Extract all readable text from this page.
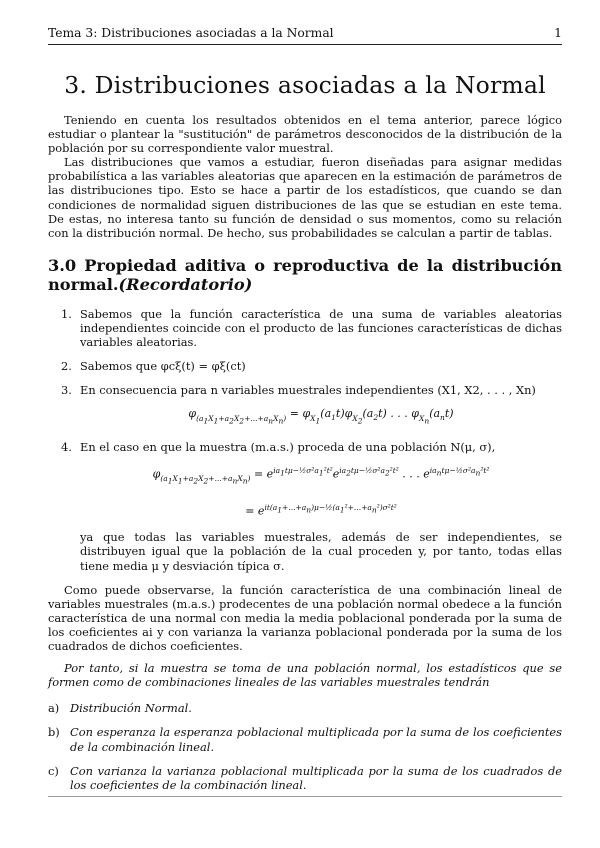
Tema 3: Distribuciones asociadas a la Normal	1
3. Distribuciones asociadas a la Normal

Teniendo en cuenta los resultados obtenidos en el tema anterior, parece lógico estudiar o plantear la "sustitución" de parámetros desconocidos de la distribución de la población por su correspondiente valor muestral.

Las distribuciones que vamos a estudiar, fueron diseñadas para asignar medidas probabilística a las variables aleatorias que aparecen en la estimación de parámetros de las distribuciones tipo. Esto se hace a partir de los estadísticos, que cuando se dan condiciones de normalidad siguen distribuciones de las que se estudian en este tema. De estas, no interesa tanto su función de densidad o sus momentos, como su relación con la distribución normal. De hecho, sus probabilidades se calculan a partir de tablas.

3.0 Propiedad aditiva o reproductiva de la distribución normal.(Recordatorio)
1. Sabemos que la función característica de una suma de variables aleatorias independientes coincide con el producto de las funciones características de dichas variables aleatorias.
2. Sabemos que φcξ(t) = φξ(ct)
3. En consecuencia para n variables muestrales independientes (X1, X2, . . . , Xn)
$\varphi_{(a_1X_1+a_2X_2+...+a_nX_n)} = \varphi_{X_1}(a_1t)\varphi_{X_2}(a_2t)$ . . . $\varphi_{X_n}(a_nt)$
4. En el caso en que la muestra (m.a.s.) proceda de una población N(μ, σ),
$\varphi_{(a_1X_1+a_2X_2+...+a_nX_n)} = e^{ia_1t\mu-\frac{1}{2}\sigma^2a_1^2t^2}e^{ia_2t\mu-\frac{1}{2}\sigma^2a_2^2t^2}$ . . . $e^{ia_nt\mu-\frac{1}{2}\sigma^2a_n^2t^2}$
= $e^{it(a_1+...+a_n)\mu-\frac{1}{2}(a_1^2+...+a_n^2)\sigma^2t^2}$
ya que todas las variables muestrales, además de ser independientes, se distribuyen igual que la población de la cual proceden y, por tanto, todas ellas tiene media μ y desviación típica σ.

Como puede observarse, la función característica de una combinación lineal de variables muestrales (m.a.s.) prodecentes de una población normal obedece a la función característica de una normal con media la media poblacional ponderada por la suma de los coeficientes ai y con varianza la varianza poblacional ponderada por la suma de los cuadrados de dichos coeficientes.

Por tanto, si la muestra se toma de una población normal, los estadísticos que se formen como de combinaciones lineales de las variables muestrales tendrán

a) Distribución Normal.
b) Con esperanza la esperanza poblacional multiplicada por la suma de los coeficientes de la combinación lineal.
c) Con varianza la varianza poblacional multiplicada por la suma de los cuadrados de los coeficientes de la combinación lineal.
